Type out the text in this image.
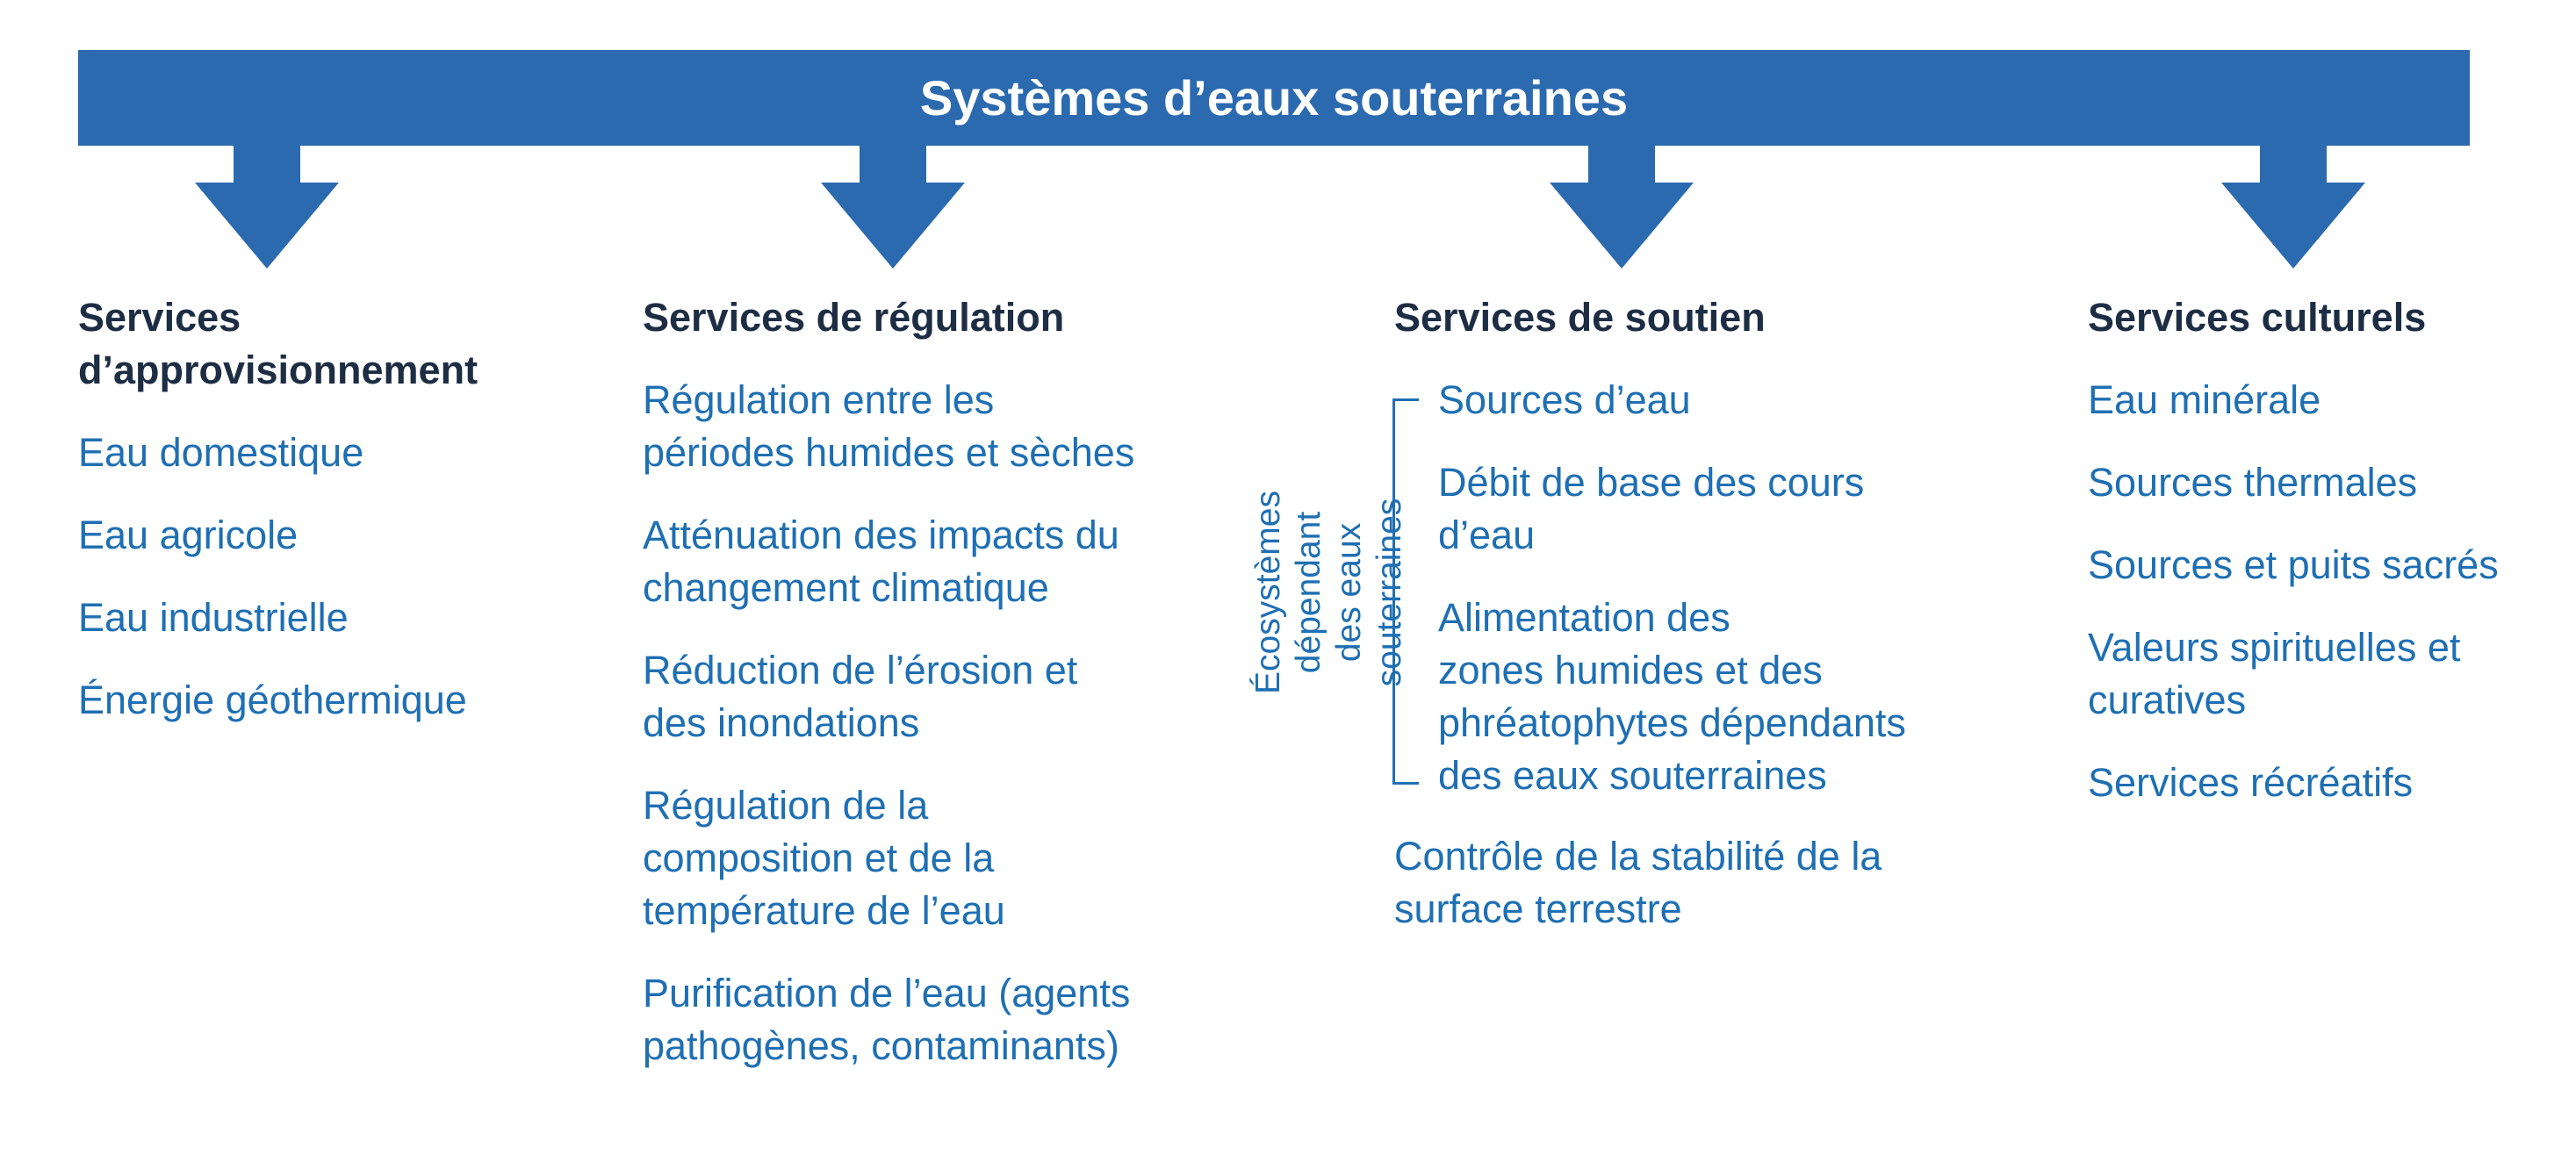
Systèmes d’eaux souterraines
Services
d’approvisionnement
Eau domestique
Eau agricole
Eau industrielle
Énergie géothermique
Services de régulation
Régulation entre les
périodes humides et sèches
Atténuation des impacts du
changement climatique
Réduction de l’érosion et
des inondations
Régulation de la
composition et de la
température de l’eau
Purification de l’eau (agents
pathogènes, contaminants)
Services de soutien
Écosystèmes dépendant
des eaux souterraines
Sources d’eau
Débit de base des cours
d’eau
Alimentation des
zones humides et des
phréatophytes dépendants
des eaux souterraines
Contrôle de la stabilité de la
surface terrestre
Services culturels
Eau minérale
Sources thermales
Sources et puits sacrés
Valeurs spirituelles et
curatives
Services récréatifs
